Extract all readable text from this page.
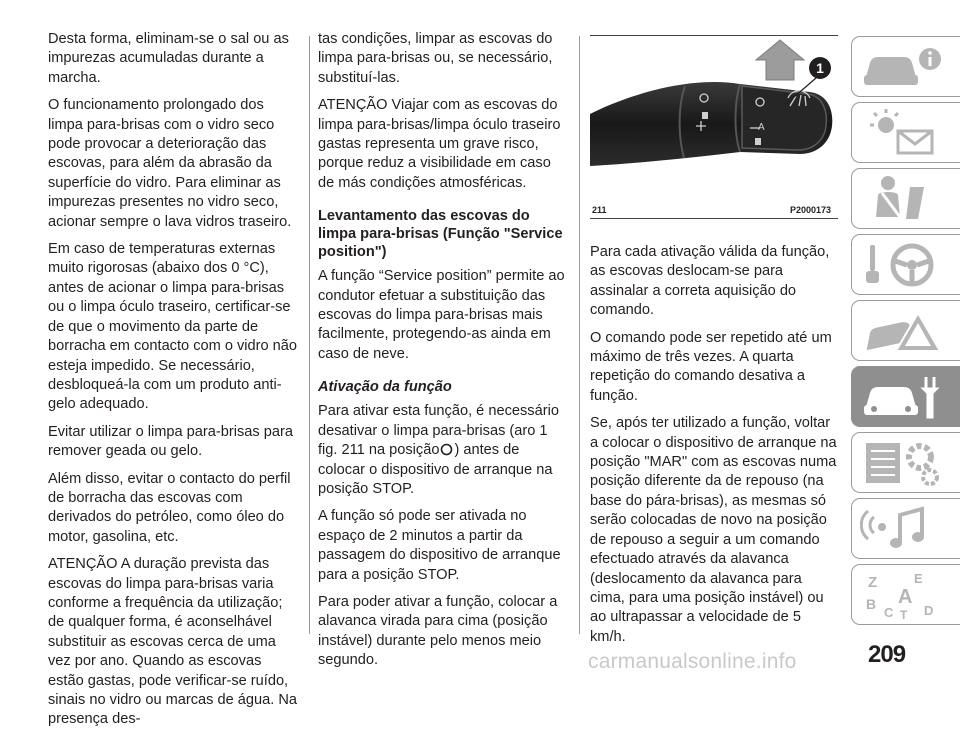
Desta forma, eliminam-se o sal ou as impurezas acumuladas durante a marcha.

O funcionamento prolongado dos limpa para-brisas com o vidro seco pode provocar a deterioração das escovas, para além da abrasão da superfície do vidro. Para eliminar as impurezas presentes no vidro seco, acionar sempre o lava vidros traseiro.

Em caso de temperaturas externas muito rigorosas (abaixo dos 0 °C), antes de acionar o limpa para-brisas ou o limpa óculo traseiro, certificar-se de que o movimento da parte de borracha em contacto com o vidro não esteja impedido. Se necessário, desbloqueá-la com um produto anti-gelo adequado.

Evitar utilizar o limpa para-brisas para remover geada ou gelo.

Além disso, evitar o contacto do perfil de borracha das escovas com derivados do petróleo, como óleo do motor, gasolina, etc.

ATENÇÃO A duração prevista das escovas do limpa para-brisas varia conforme a frequência da utilização; de qualquer forma, é aconselhável substituir as escovas cerca de uma vez por ano. Quando as escovas estão gastas, pode verificar-se ruído, sinais no vidro ou marcas de água. Na presença des-

tas condições, limpar as escovas do limpa para-brisas ou, se necessário, substituí-las.

ATENÇÃO Viajar com as escovas do limpa para-brisas/limpa óculo traseiro gastas representa um grave risco, porque reduz a visibilidade em caso de más condições atmosféricas.

Levantamento das escovas do limpa para-brisas (Função "Service position")

A função “Service position” permite ao condutor efetuar a substituição das escovas do limpa para-brisas mais facilmente, protegendo-as ainda em caso de neve.

Ativação da função

Para ativar esta função, é necessário desativar o limpa para-brisas (aro 1 fig. 211 na posição ) antes de colocar o dispositivo de arranque na posição STOP.

A função só pode ser ativada no espaço de 2 minutos a partir da passagem do dispositivo de arranque para a posição STOP.

Para poder ativar a função, colocar a alavanca virada para cima (posição instável) durante pelo menos meio segundo.

A
1
211	P2000173

Para cada ativação válida da função, as escovas deslocam-se para assinalar a correta aquisição do comando.

O comando pode ser repetido até um máximo de três vezes. A quarta repetição do comando desativa a função.

Se, após ter utilizado a função, voltar a colocar o dispositivo de arranque na posição "MAR" com as escovas numa posição diferente da de repouso (na base do pára-brisas), as mesmas só serão colocadas de novo na posição de repouso a seguir a um comando efectuado através da alavanca (deslocamento da alavanca para cima, para uma posição instável) ou ao ultrapassar a velocidade de 5 km/h.

Z	E
A
B
C T D
carmanualsonline.info	209
